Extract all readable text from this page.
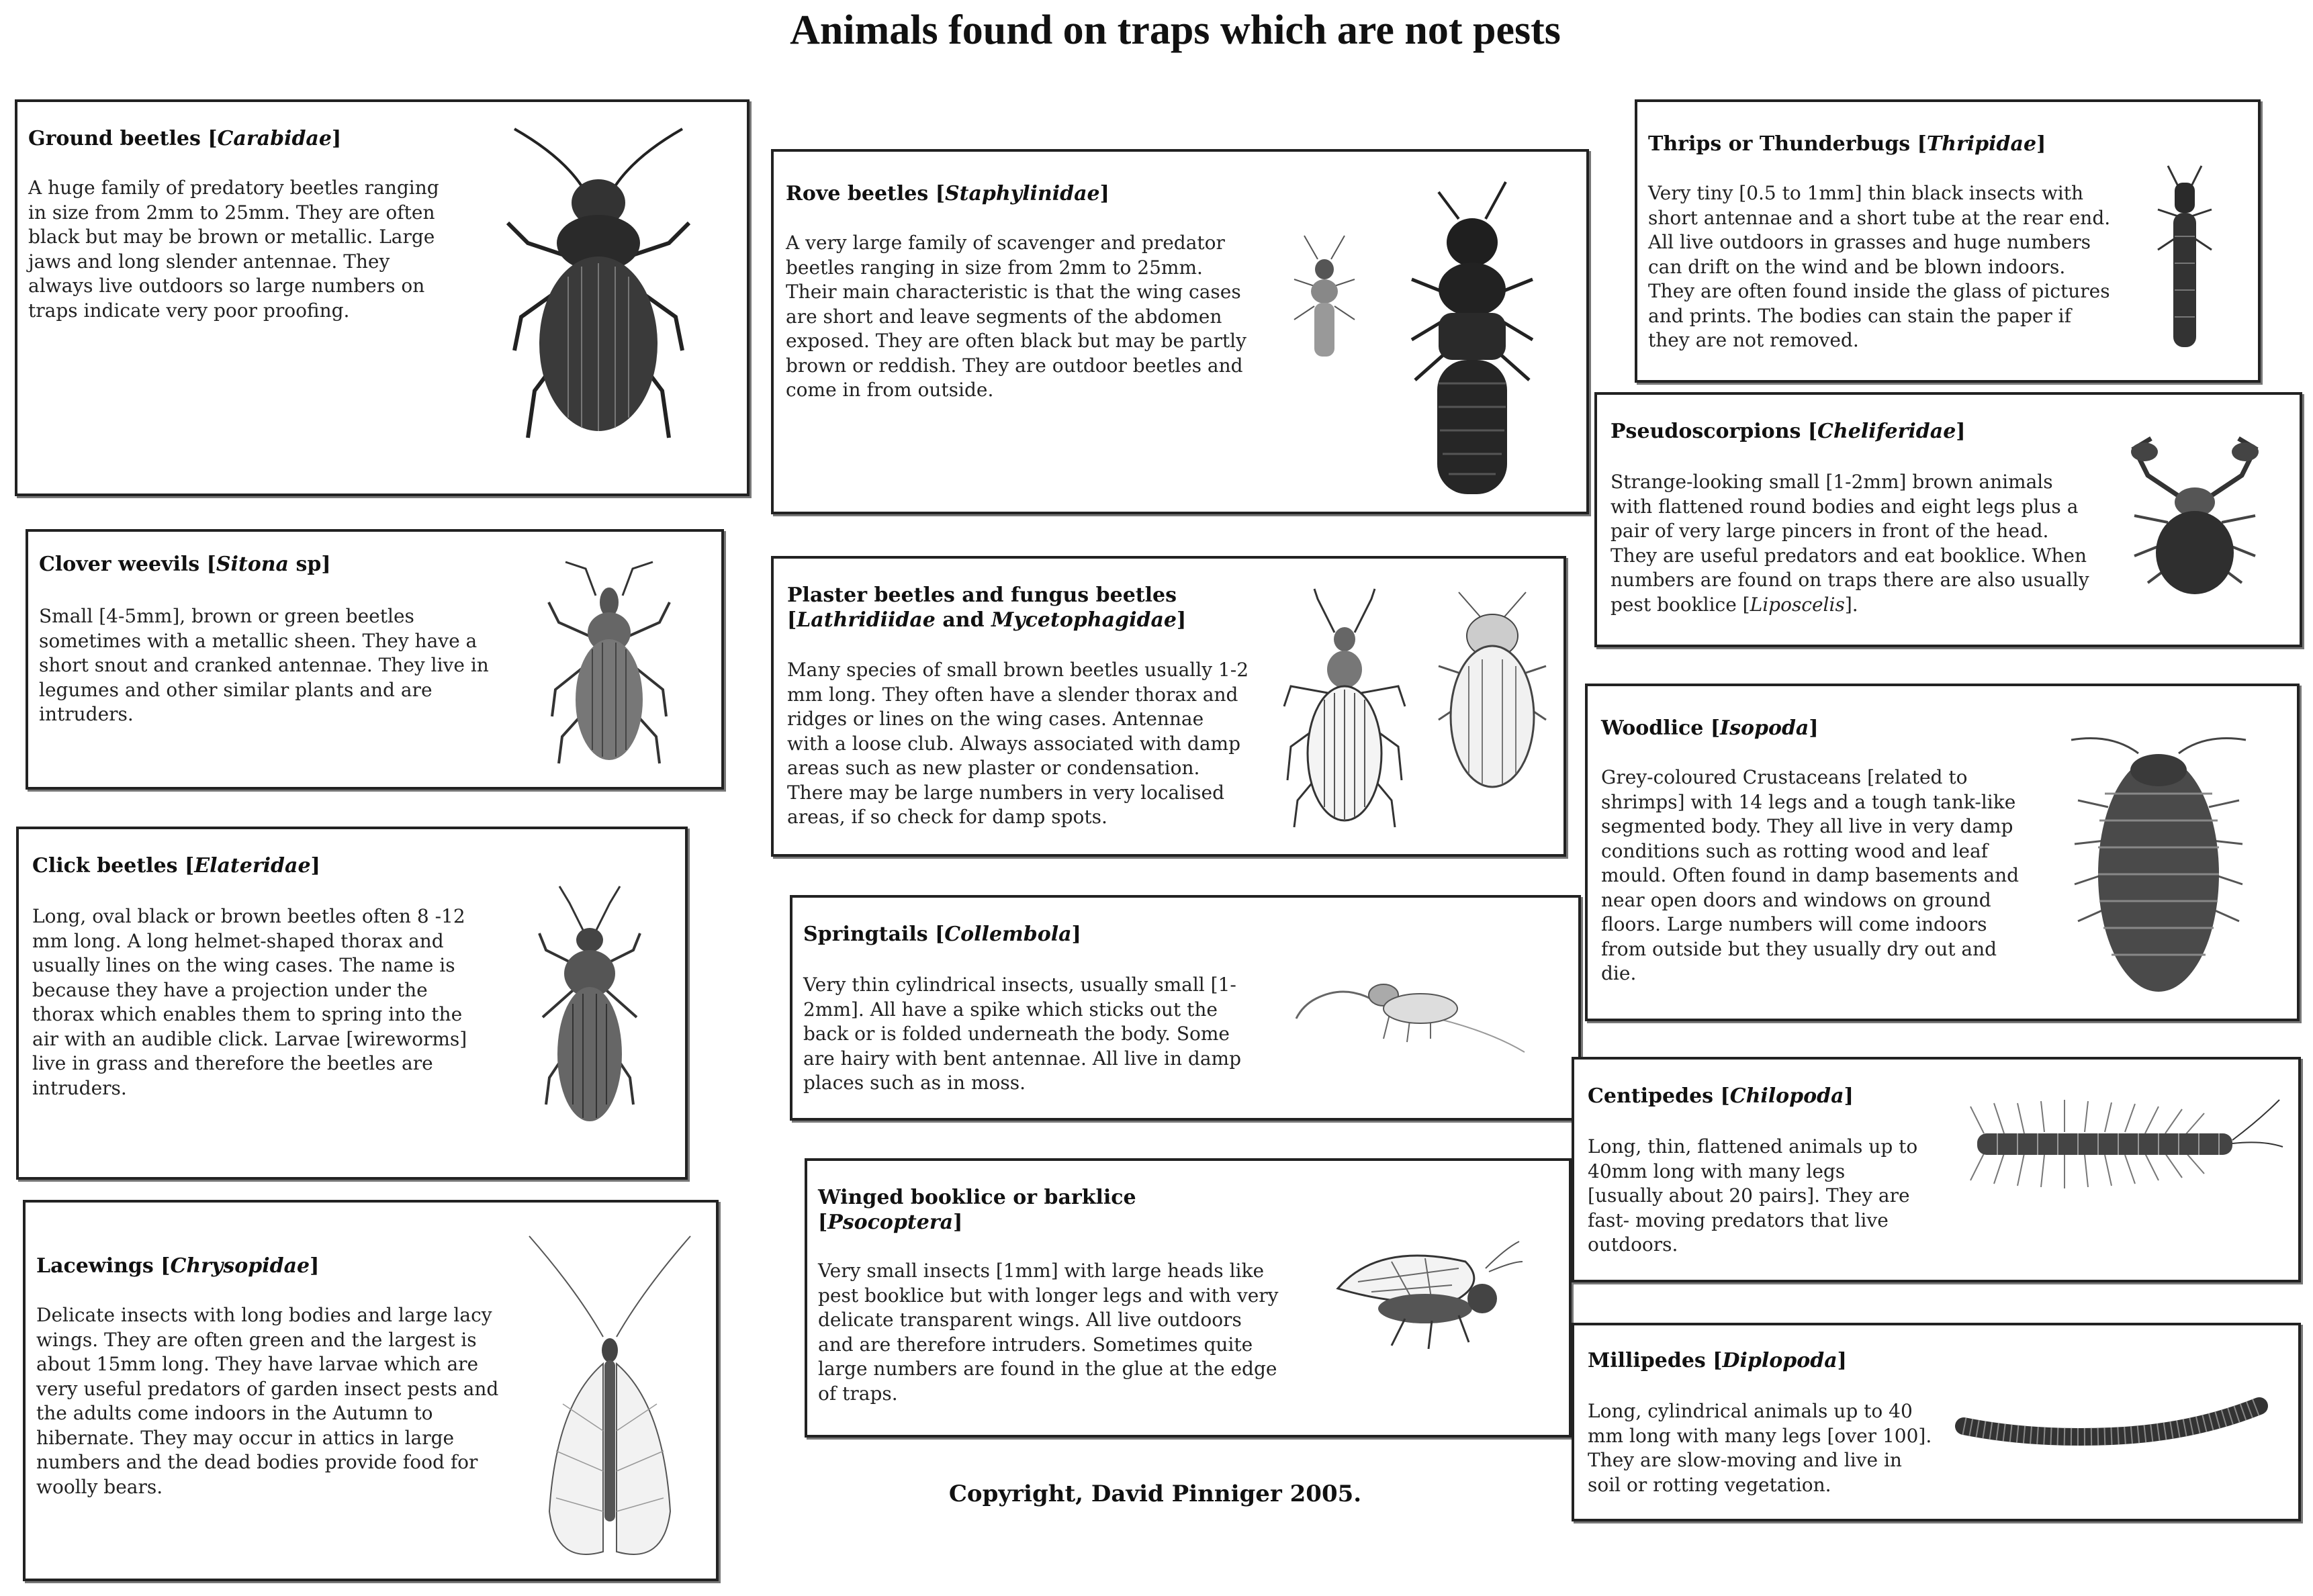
Animals found on traps which are not pests
Ground beetles [Carabidae]
A huge family of predatory beetles ranging in size from 2mm to 25mm. They are often black but may be brown or metallic. Large jaws and long slender antennae. They always live outdoors so large numbers on traps indicate very poor proofing.
Clover weevils [Sitona sp]
Small [4-5mm], brown or green beetles sometimes with a metallic sheen. They have a short snout and cranked antennae. They live in legumes and other similar plants and are intruders.
Click beetles [Elateridae]
Long, oval black or brown beetles often 8 -12 mm long. A long helmet-shaped thorax and usually lines on the wing cases. The name is because they have a projection under the thorax which enables them to spring into the air with an audible click. Larvae [wireworms] live in grass and therefore the beetles are intruders.
Lacewings [Chrysopidae]
Delicate insects with long bodies and large lacy wings. They are often green and the largest is about 15mm long. They have larvae which are very useful predators of garden insect pests and the adults come indoors in the Autumn to hibernate. They may occur in attics in large numbers and the dead bodies provide food for woolly bears.
Rove beetles [Staphylinidae]
A very large family of scavenger and predator beetles ranging in size from 2mm to 25mm. Their main characteristic is that the wing cases are short and leave segments of the abdomen exposed. They are often black but may be partly brown or reddish. They are outdoor beetles and come in from outside.
Plaster beetles and fungus beetles [Lathridiidae and Mycetophagidae]
Many species of small brown beetles usually 1-2 mm long. They often have a slender thorax and ridges or lines on the wing cases. Antennae with a loose club. Always associated with damp areas such as new plaster or condensation. There may be large numbers in very localised areas, if so check for damp spots.
Springtails [Collembola]
Very thin cylindrical insects, usually small [1-2mm]. All have a spike which sticks out the back or is folded underneath the body. Some are hairy with bent antennae. All live in damp places such as in moss.
Winged booklice or barklice [Psocoptera]
Very small insects [1mm] with large heads like pest booklice but with longer legs and with very delicate transparent wings. All live outdoors and are therefore intruders. Sometimes quite large numbers are found in the glue at the edge of traps.
Copyright, David Pinniger 2005.
Thrips or Thunderbugs [Thripidae]
Very tiny [0.5 to 1mm] thin black insects with short antennae and a short tube at the rear end. All live outdoors in grasses and huge numbers can drift on the wind and be blown indoors. They are often found inside the glass of pictures and prints. The bodies can stain the paper if they are not removed.
Pseudoscorpions [Cheliferidae]
Strange-looking small [1-2mm] brown animals with flattened round bodies and eight legs plus a pair of very large pincers in front of the head. They are useful predators and eat booklice. When numbers are found on traps there are also usually pest booklice [Liposcelis].
Woodlice [Isopoda]
Grey-coloured Crustaceans [related to shrimps] with 14 legs and a tough tank-like segmented body. They all live in very damp conditions such as rotting wood and leaf mould. Often found in damp basements and near open doors and windows on ground floors. Large numbers will come indoors from outside but they usually dry out and die.
Centipedes [Chilopoda]
Long, thin, flattened animals up to 40mm long with many legs [usually about 20 pairs]. They are fast- moving predators that live outdoors.
Millipedes [Diplopoda]
Long, cylindrical animals up to 40 mm long with many legs [over 100]. They are slow-moving and live in soil or rotting vegetation.
